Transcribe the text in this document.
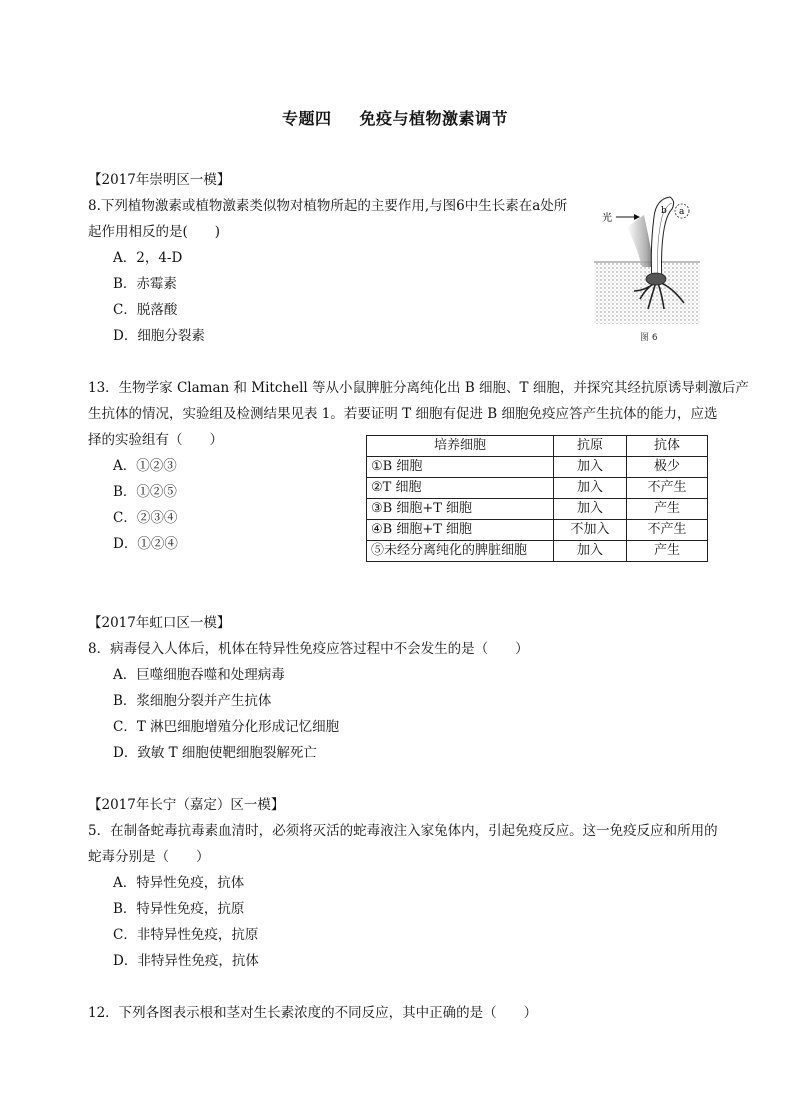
专题四 免疫与植物激素调节
【2017年崇明区一模】
8.下列植物激素或植物激素类似物对植物所起的主要作用,与图6中生长素在a处所
起作用相反的是(　　)
A．2，4-D
B．赤霉素
C．脱落酸
D．细胞分裂素
光
b a
图 6
13．生物学家 Claman 和 Mitchell 等从小鼠脾脏分离纯化出 B 细胞、T 细胞，并探究其经抗原诱导刺激后产
生抗体的情况，实验组及检测结果见表 1。若要证明 T 细胞有促进 B 细胞免疫应答产生抗体的能力，应选
择的实验组有（　　）
A．①②③
B．①②⑤
C．②③④
D．①②④
培养细胞	抗原	抗体
①B 细胞	加入	极少
②T 细胞	加入	不产生
③B 细胞+T 细胞	加入	产生
④B 细胞+T 细胞	不加入	不产生
⑤未经分离纯化的脾脏细胞	加入	产生
【2017年虹口区一模】
8．病毒侵入人体后，机体在特异性免疫应答过程中不会发生的是（　　）
A．巨噬细胞吞噬和处理病毒
B．浆细胞分裂并产生抗体
C．T 淋巴细胞增殖分化形成记忆细胞
D．致敏 T 细胞使靶细胞裂解死亡
【2017年长宁（嘉定）区一模】
5．在制备蛇毒抗毒素血清时，必须将灭活的蛇毒液注入家兔体内，引起免疫反应。这一免疫反应和所用的
蛇毒分别是（　　）
A．特异性免疫，抗体
B．特异性免疫，抗原
C．非特异性免疫，抗原
D．非特异性免疫，抗体
12．下列各图表示根和茎对生长素浓度的不同反应，其中正确的是（　　）
